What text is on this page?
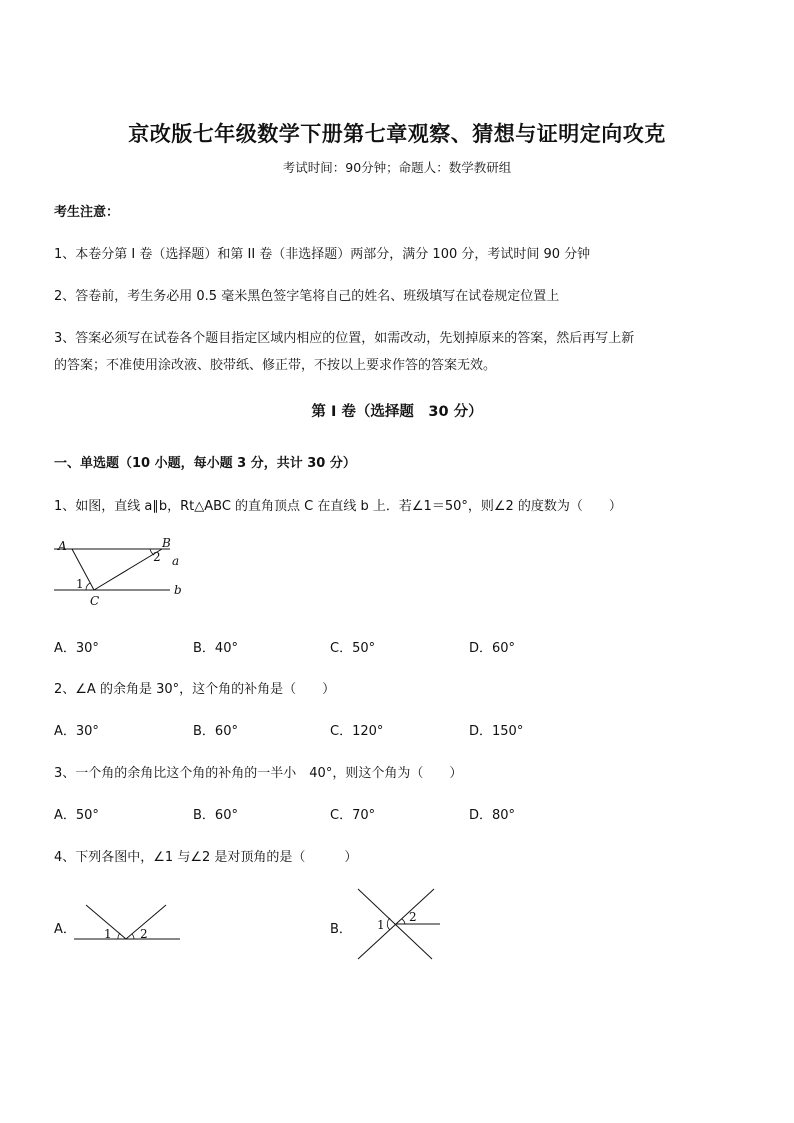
京改版七年级数学下册第七章观察、猜想与证明定向攻克
考试时间：90分钟；命题人：数学教研组
考生注意：
1、本卷分第 I 卷（选择题）和第 II 卷（非选择题）两部分，满分 100 分，考试时间 90 分钟
2、答卷前，考生务必用 0.5 毫米黑色签字笔将自己的姓名、班级填写在试卷规定位置上
3、答案必须写在试卷各个题目指定区域内相应的位置，如需改动，先划掉原来的答案，然后再写上新
的答案；不准使用涂改液、胶带纸、修正带，不按以上要求作答的答案无效。
第 I 卷（选择题　30 分）
一、单选题（10 小题，每小题 3 分，共计 30 分）
1、如图，直线 a∥b，Rt△ABC 的直角顶点 C 在直线 b 上．若∠1＝50°，则∠2 的度数为（　　）
A	B
a
2
1
C
b
A．30°	B．40°	C．50°	D．60°
2、∠A 的余角是 30°，这个角的补角是（　　）
A．30°	B．60°	C．120°	D．150°
3、一个角的余角比这个角的补角的一半小　40°，则这个角为（　　）
A．50°	B．60°	C．70°	D．80°
4、下列各图中，∠1 与∠2 是对顶角的是（　　　）
A． 1 2	B． 1
2
